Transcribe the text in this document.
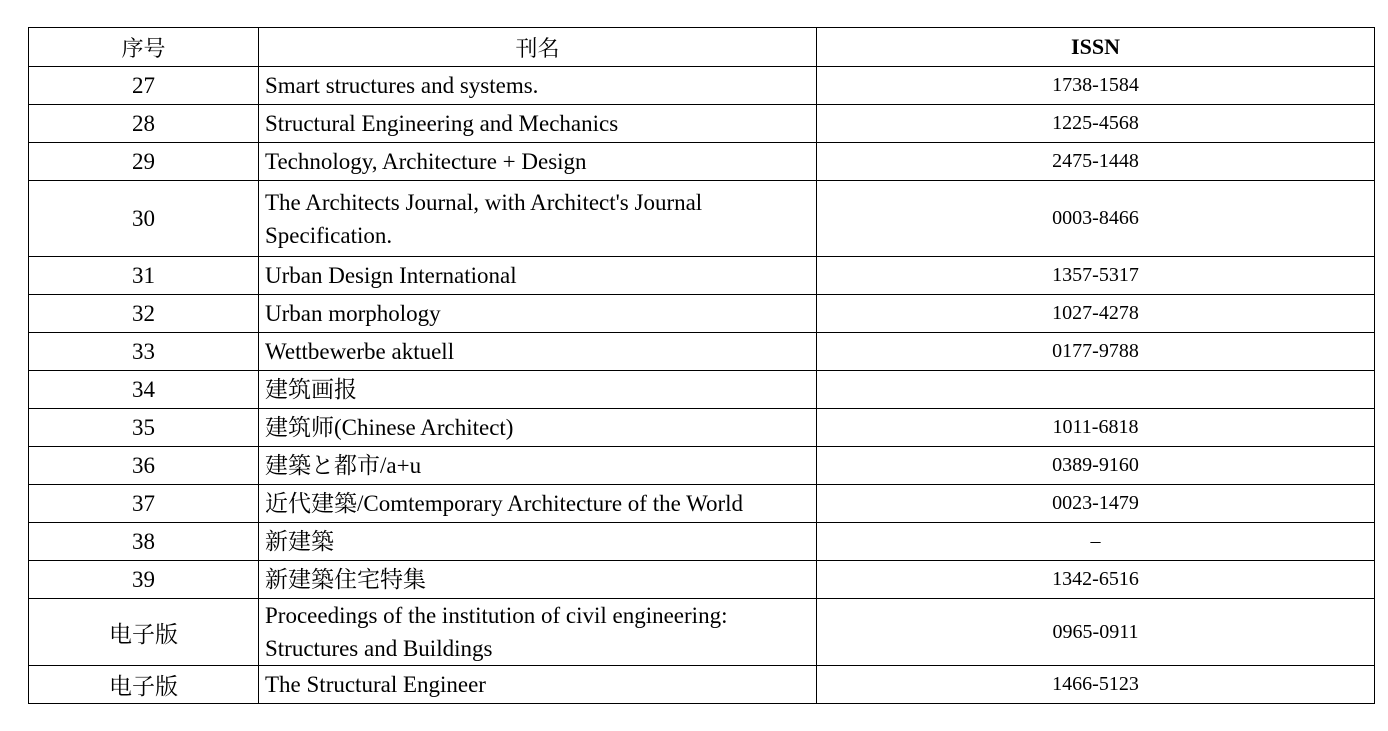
序号	刊名	ISSN
27	Smart structures and systems.	1738-1584
28	Structural Engineering and Mechanics	1225-4568
29	Technology, Architecture + Design	2475-1448
30	The Architects Journal, with Architect's Journal Specification.	0003-8466
31	Urban Design International	1357-5317
32	Urban morphology	1027-4278
33	Wettbewerbe aktuell	0177-9788
34	建筑画报	
35	建筑师(Chinese Architect)	1011-6818
36	建築と都市/a+u	0389-9160
37	近代建築/Comtemporary Architecture of the World	0023-1479
38	新建築	–
39	新建築住宅特集	1342-6516
电子版	Proceedings of the institution of civil engineering: Structures and Buildings	0965-0911
电子版	The Structural Engineer	1466-5123
